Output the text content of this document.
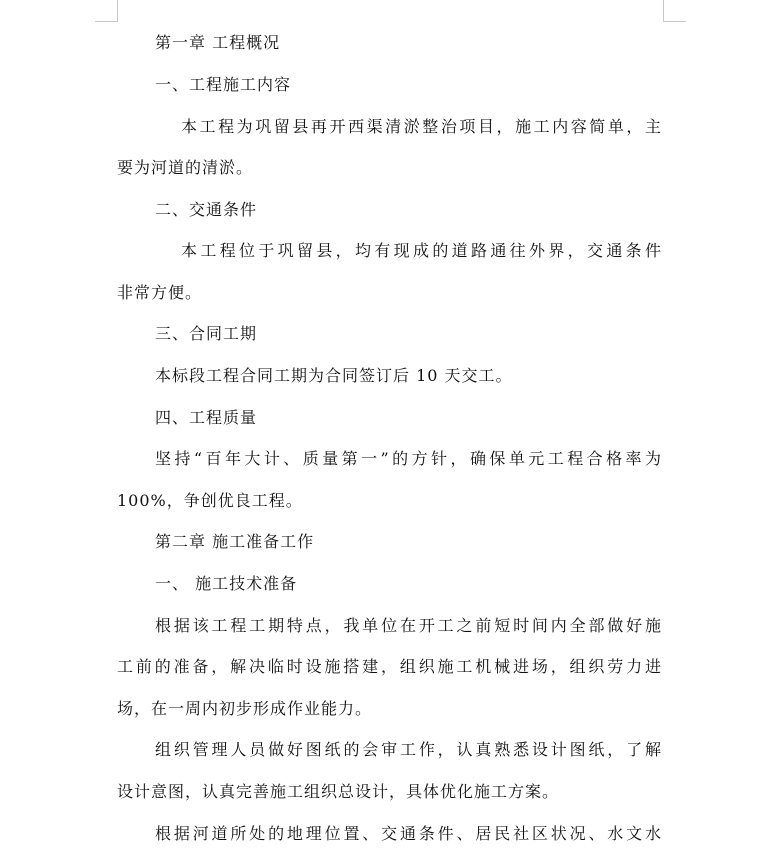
第一章 工程概况
一、工程施工内容
本工程为巩留县再开西渠清淤整治项目，施工内容简单，主
要为河道的清淤。
二、交通条件
本工程位于巩留县，均有现成的道路通往外界，交通条件
非常方便。
三、合同工期
本标段工程合同工期为合同签订后 10 天交工。
四、工程质量
坚持“百年大计、质量第一”的方针，确保单元工程合格率为
100%，争创优良工程。
第二章 施工准备工作
一、 施工技术准备
根据该工程工期特点，我单位在开工之前短时间内全部做好施
工前的准备，解决临时设施搭建，组织施工机械进场，组织劳力进
场，在一周内初步形成作业能力。
组织管理人员做好图纸的会审工作，认真熟悉设计图纸，了解
设计意图，认真完善施工组织总设计，具体优化施工方案。
根据河道所处的地理位置、交通条件、居民社区状况、水文水
